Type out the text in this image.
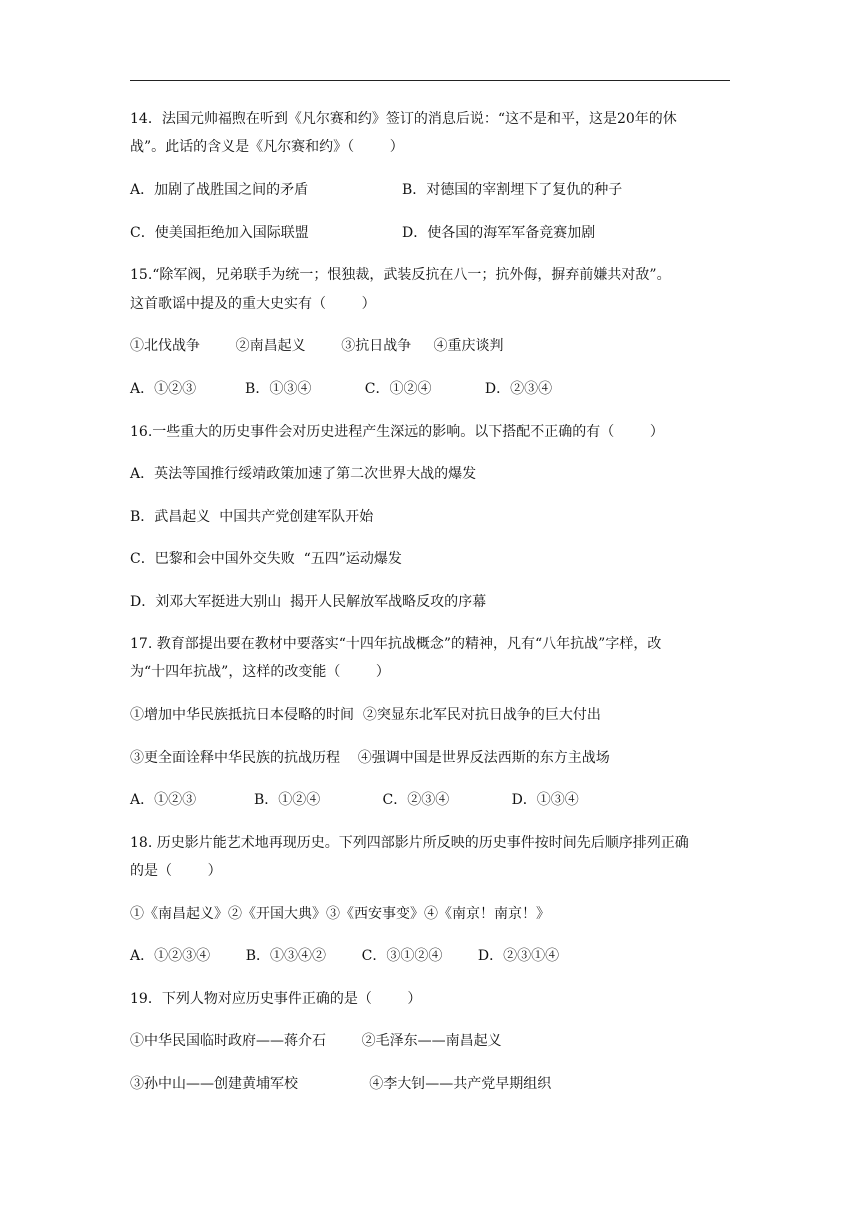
14．法国元帅福煦在听到《凡尔赛和约》签订的消息后说：“这不是和平，这是20年的休
战”。此话的含义是《凡尔赛和约》（        ）
A．加剧了战胜国之间的矛盾	B．对德国的宰割埋下了复仇的种子
C．使美国拒绝加入国际联盟	D．使各国的海军军备竞赛加剧
15.“除军阀，兄弟联手为统一；恨独裁，武装反抗在八一；抗外侮，摒弃前嫌共对敌”。
这首歌谣中提及的重大史实有（        ）
①北伐战争        ②南昌起义        ③抗日战争     ④重庆谈判
A．①②③           B．①③④            C．①②④            D．②③④
16.一些重大的历史事件会对历史进程产生深远的影响。以下搭配不正确的有（        ）
A．英法等国推行绥靖政策加速了第二次世界大战的爆发
B．武昌起义  中国共产党创建军队开始
C．巴黎和会中国外交失败  “五四”运动爆发
D．刘邓大军挺进大别山  揭开人民解放军战略反攻的序幕
17. 教育部提出要在教材中要落实“十四年抗战概念”的精神，凡有“八年抗战”字样，改
为“十四年抗战”，这样的改变能（        ）
①增加中华民族抵抗日本侵略的时间  ②突显东北军民对抗日战争的巨大付出
③更全面诠释中华民族的抗战历程    ④强调中国是世界反法西斯的东方主战场
A．①②③             B．①②④              C．②③④              D．①③④
18. 历史影片能艺术地再现历史。下列四部影片所反映的历史事件按时间先后顺序排列正确
的是（        ）
①《南昌起义》②《开国大典》③《西安事变》④《南京！南京！》
A．①②③④        B．①③④②        C．③①②④        D．②③①④
19．下列人物对应历史事件正确的是（        ）
①中华民国临时政府——蒋介石        ②毛泽东——南昌起义
③孙中山——创建黄埔军校                ④李大钊——共产党早期组织
